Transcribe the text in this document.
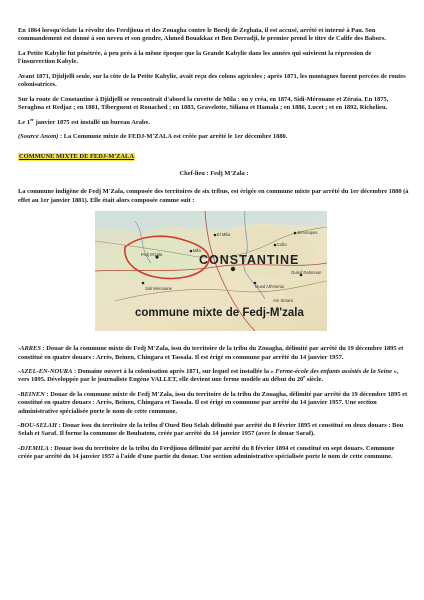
En 1864 lorsqu'éclate la révolte des Ferdjioua et des Zouagha contre le Bordj de Zeghaïa, il est accusé, arrêté et interné à Pau. Son commandement est donné à son neveu et son gendre, Ahmed Bouakkaz et Ben Derradji, le premier prend le titre de Calife des Babors.

La Petite Kabylie fut pénétrée, à peu près à la même époque que la Grande Kabylie dans les années qui suivirent la répression de l'insurrection Kabyle.

Avant 1871, Djidjelli seule, sur la côte de la Petite Kabylie, avait reçu des colons agricoles ; après 1871, les montagnes furent percées de routes colonisatrices.

Sur la route de Constantine à Djidjelli se rencontrait d'abord la cuvette de Mila : on y créa, en 1874, Sidi-Mérouane et Zéraia. En 1875, Seraghna et Redjaz ; en 1881, Tiberguent et Rouached ; en 1883, Gravelotte, Siliana et Hamala ; en 1886, Lucet ; et en 1892, Richelieu.

Le 1er janvier 1875 est installé un bureau Arabe.

(Source Anom) : La Commune mixte de FEDJ-M'ZALA est créée par arrêté le 1er décembre 1880.

COMMUNE MIXTE DE FEDJ-M'ZALA
Chef-lieu : Fedj M'Zala :

La commune indigène de Fedj M'Zala, composée des territoires de six tribus, est érigée en commune mixte par arrêté du 1er décembre 1880 (à effet au 1er janvier 1881). Elle était alors composée comme suit :

Mila
Oued Athmenia
Aïn Smara
El Milia
Sidi Mérouane
Fedj M'zala
Jemmapes
Collo
Ouled Rahmoun
CONSTANTINE
commune mixte de Fedj-M'zala

-ARRES : Douar de la commune mixte de Fedj M'Zala, issu du territoire de la tribu du Zouagha, délimité par arrêté du 19 décembre 1895 et constitué en quatre douars : Arrès, Beinen, Chingara et Tassala. Il est érigé en commune par arrêté du 14 janvier 1957.

-AZEL-EN-NOURA : Domaine ouvert à la colonisation après 1871, sur lequel est installée la « Ferme-école des enfants assistés de la Seine », vers 1895. Développée par le journaliste Eugène VALLET, elle devient une ferme modèle au début du 20e siècle.

-BEINEN : Douar de la commune mixte de Fedj M'Zala, issu du territoire de la tribu du Zouagha, délimité par arrêté du 19 décembre 1895 et constitué en quatre douars : Arrès, Beinen, Chingara et Tassala. Il est érigé en commune par arrêté du 14 janvier 1957. Une section administrative spécialisée porte le nom de cette commune.

-BOU-SELAH : Douar issu du territoire de la tribu d'Oued Bou Selah délimité par arrêté du 8 février 1895 et constitué en deux douars : Bou Selah et Saraf. Il forme la commune de Bouhatem, créée par arrêté du 14 janvier 1957 (avec le douar Saraf).

-DJEMILA : Douar issu du territoire de la tribu du Ferdjioua délimité par arrêté du 8 février 1894 et constitué en sept douars. Commune créée par arrêté du 14 janvier 1957 à l'aide d'une partie du douar. Une section administrative spécialisée porte le nom de cette commune.
